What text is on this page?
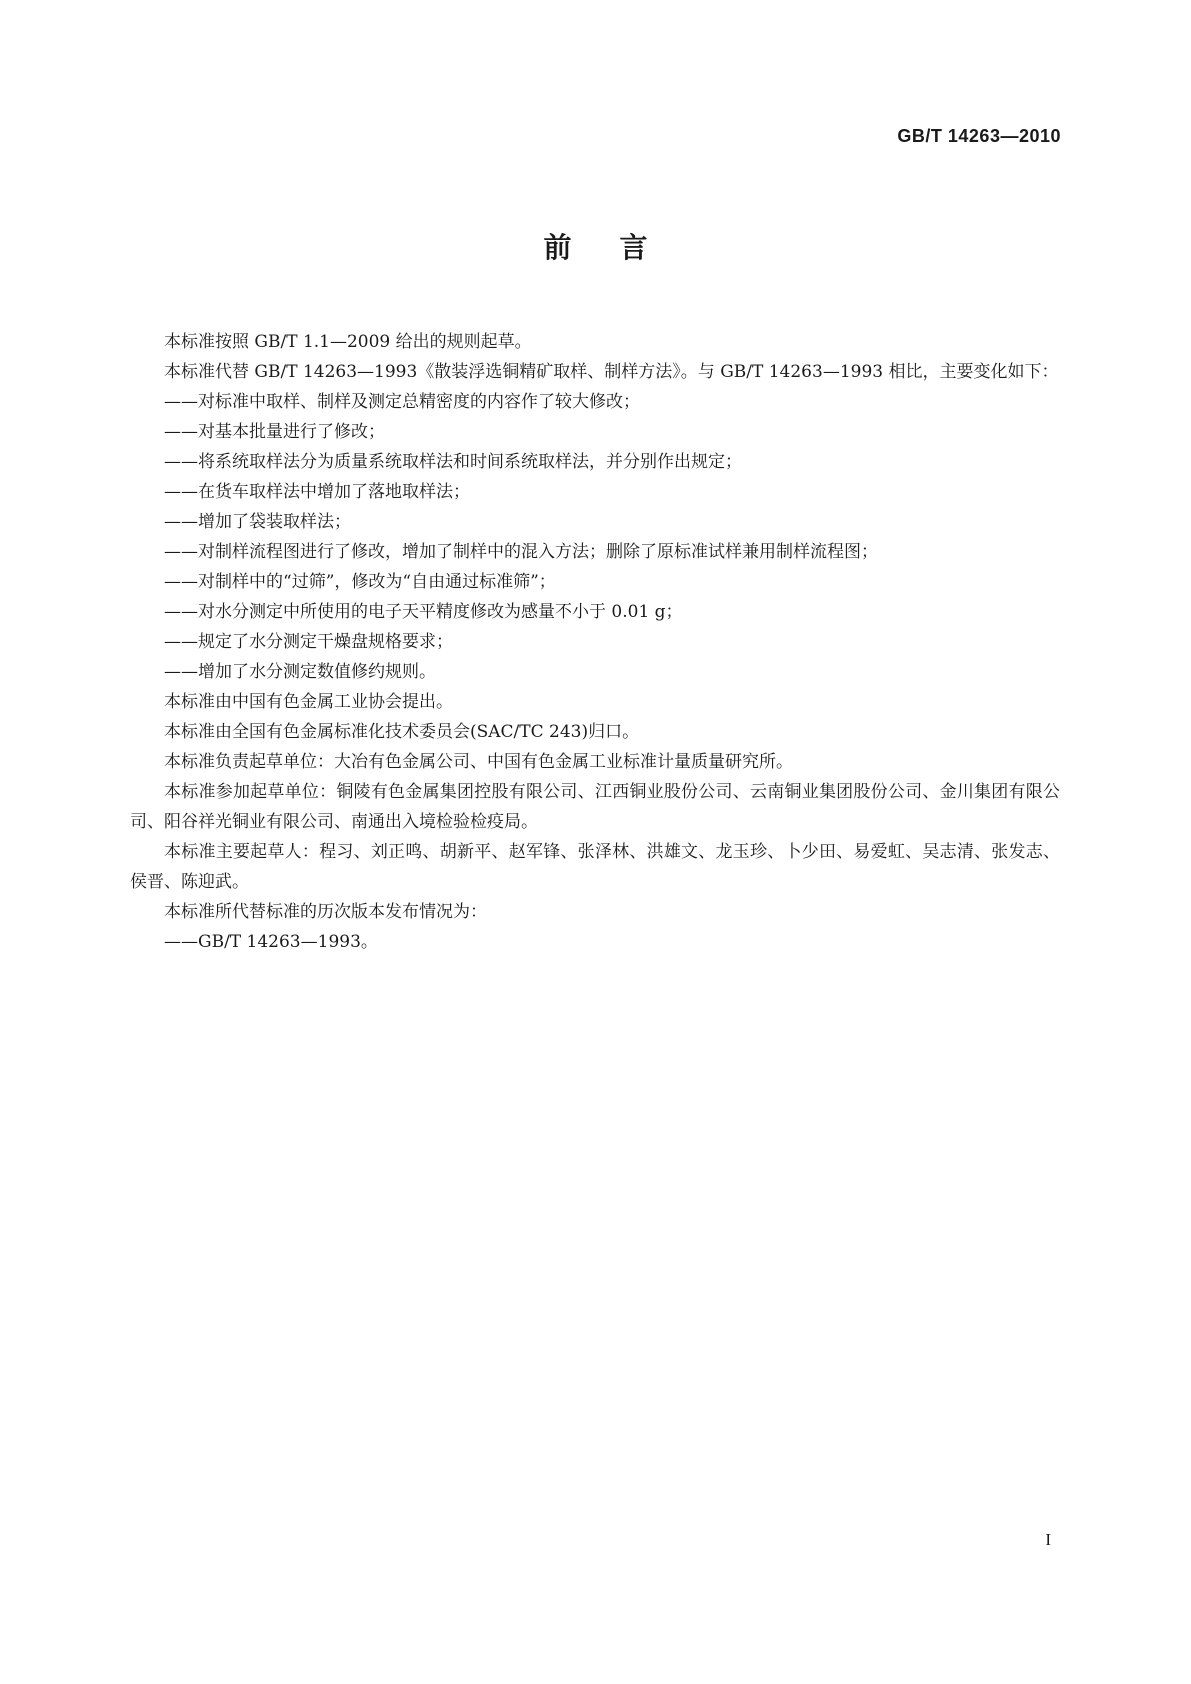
GB/T 14263—2010
前言

本标准按照 GB/T 1.1—2009 给出的规则起草。

本标准代替 GB/T 14263—1993《散装浮选铜精矿取样、制样方法》。与 GB/T 14263—1993 相比，主要变化如下：

——对标准中取样、制样及测定总精密度的内容作了较大修改；

——对基本批量进行了修改；

——将系统取样法分为质量系统取样法和时间系统取样法，并分别作出规定；

——在货车取样法中增加了落地取样法；

——增加了袋装取样法；

——对制样流程图进行了修改，增加了制样中的混入方法；删除了原标准试样兼用制样流程图；

——对制样中的“过筛”，修改为“自由通过标准筛”；

——对水分测定中所使用的电子天平精度修改为感量不小于 0.01 g；

——规定了水分测定干燥盘规格要求；

——增加了水分测定数值修约规则。

本标准由中国有色金属工业协会提出。

本标准由全国有色金属标准化技术委员会(SAC/TC 243)归口。

本标准负责起草单位：大冶有色金属公司、中国有色金属工业标准计量质量研究所。

本标准参加起草单位：铜陵有色金属集团控股有限公司、江西铜业股份公司、云南铜业集团股份公司、金川集团有限公司、阳谷祥光铜业有限公司、南通出入境检验检疫局。

本标准主要起草人：程习、刘正鸣、胡新平、赵军锋、张泽林、洪雄文、龙玉珍、卜少田、易爱虹、吴志清、张发志、侯晋、陈迎武。

本标准所代替标准的历次版本发布情况为：

——GB/T 14263—1993。

I
